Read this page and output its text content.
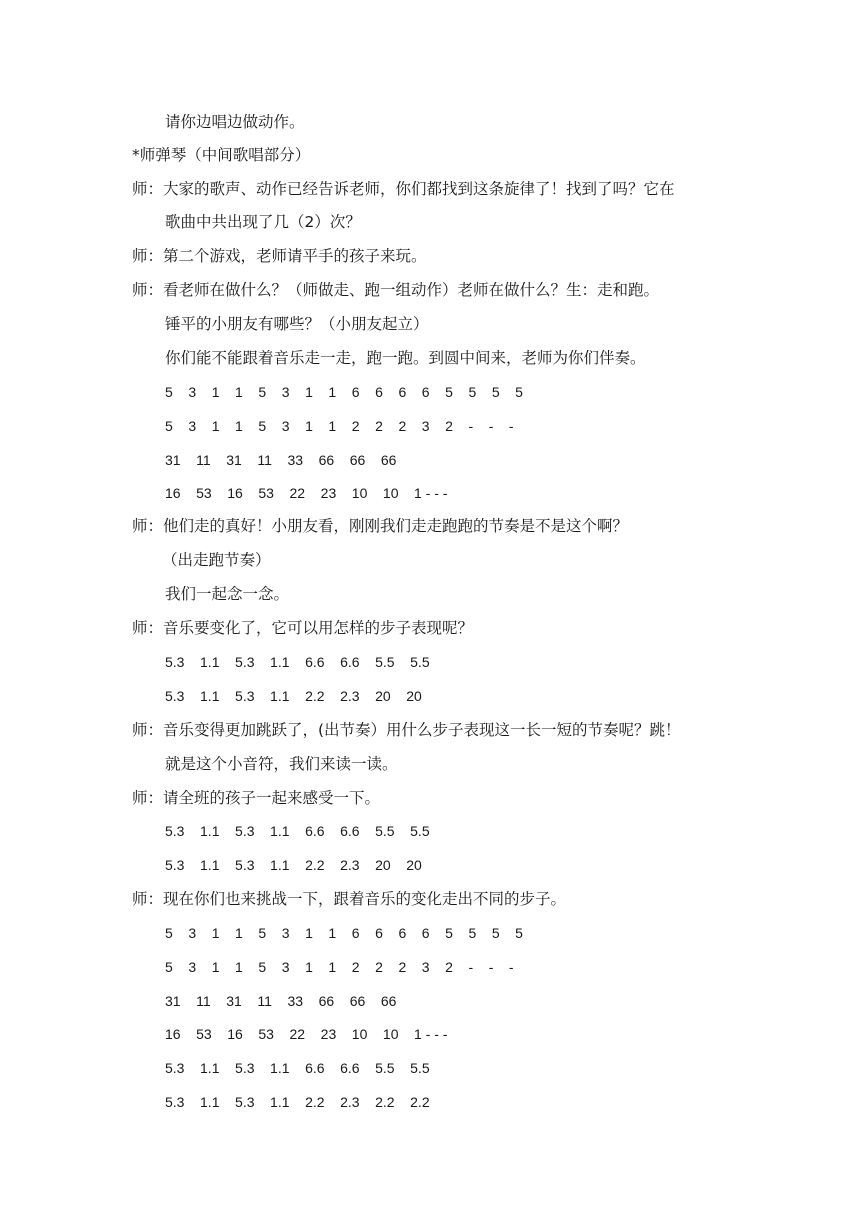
请你边唱边做动作。
*师弹琴（中间歌唱部分）
师：大家的歌声、动作已经告诉老师，你们都找到这条旋律了！找到了吗？它在
歌曲中共出现了几（2）次？
师：第二个游戏，老师请平手的孩子来玩。
师：看老师在做什么？（师做走、跑一组动作）老师在做什么？生：走和跑。
锤平的小朋友有哪些？（小朋友起立）
你们能不能跟着音乐走一走，跑一跑。到圆中间来，老师为你们伴奏。
5    3    1    1    5    3    1    1    6    6    6    6    5    5    5    5
5    3    1    1    5    3    1    1    2    2    2    3    2    -    -    -
31    11    31    11    33    66    66    66
16    53    16    53    22    23    10    10    1 - - -
师：他们走的真好！小朋友看，刚刚我们走走跑跑的节奏是不是这个啊？
（出走跑节奏）
我们一起念一念。
师：音乐要变化了，它可以用怎样的步子表现呢？
5.3    1.1    5.3    1.1    6.6    6.6    5.5    5.5
5.3    1.1    5.3    1.1    2.2    2.3    20    20
师：音乐变得更加跳跃了，(出节奏）用什么步子表现这一长一短的节奏呢？跳！
就是这个小音符，我们来读一读。
师：请全班的孩子一起来感受一下。
5.3    1.1    5.3    1.1    6.6    6.6    5.5    5.5
5.3    1.1    5.3    1.1    2.2    2.3    20    20
师：现在你们也来挑战一下，跟着音乐的变化走出不同的步子。
5    3    1    1    5    3    1    1    6    6    6    6    5    5    5    5
5    3    1    1    5    3    1    1    2    2    2    3    2    -    -    -
31    11    31    11    33    66    66    66
16    53    16    53    22    23    10    10    1 - - -
5.3    1.1    5.3    1.1    6.6    6.6    5.5    5.5
5.3    1.1    5.3    1.1    2.2    2.3    2.2    2.2
